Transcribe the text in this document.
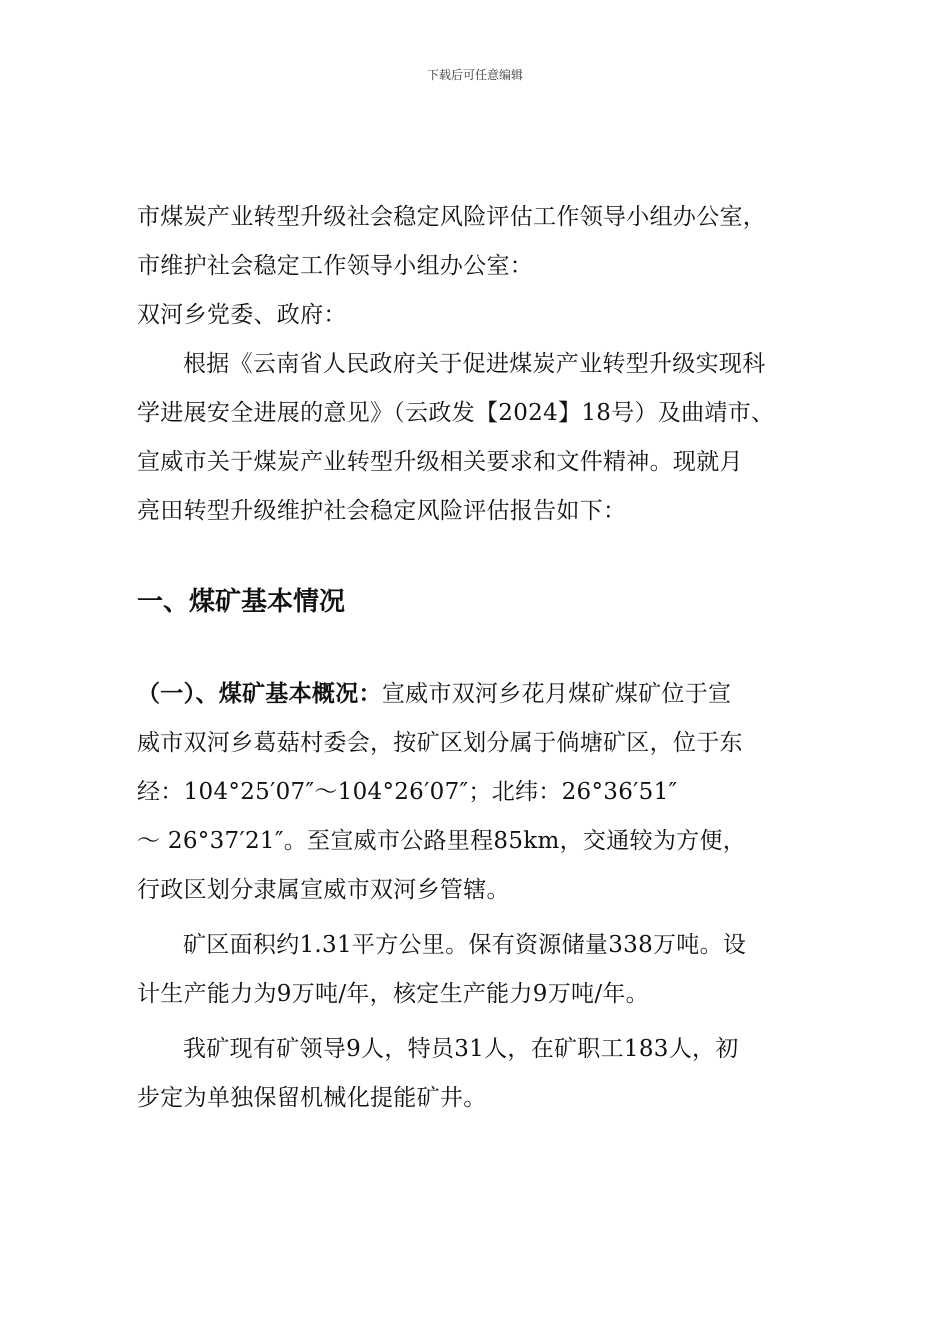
下载后可任意编辑
市煤炭产业转型升级社会稳定风险评估工作领导小组办公室，
市维护社会稳定工作领导小组办公室：
双河乡党委、政府：
根据《云南省人民政府关于促进煤炭产业转型升级实现科
学进展安全进展的意见》（云政发【2024】18号）及曲靖市、
宣威市关于煤炭产业转型升级相关要求和文件精神。现就月
亮田转型升级维护社会稳定风险评估报告如下：
一、煤矿基本情况
（一）、煤矿基本概况：宣威市双河乡花月煤矿煤矿位于宣
威市双河乡葛菇村委会，按矿区划分属于倘塘矿区，位于东
经：104°25′07″～104°26′07″；北纬：26°36′51″
～ 26°37′21″。至宣威市公路里程85km，交通较为方便，
行政区划分隶属宣威市双河乡管辖。
矿区面积约1.31平方公里。保有资源储量338万吨。设
计生产能力为9万吨/年，核定生产能力9万吨/年。
我矿现有矿领导9人，特员31人，在矿职工183人，初
步定为单独保留机械化提能矿井。
